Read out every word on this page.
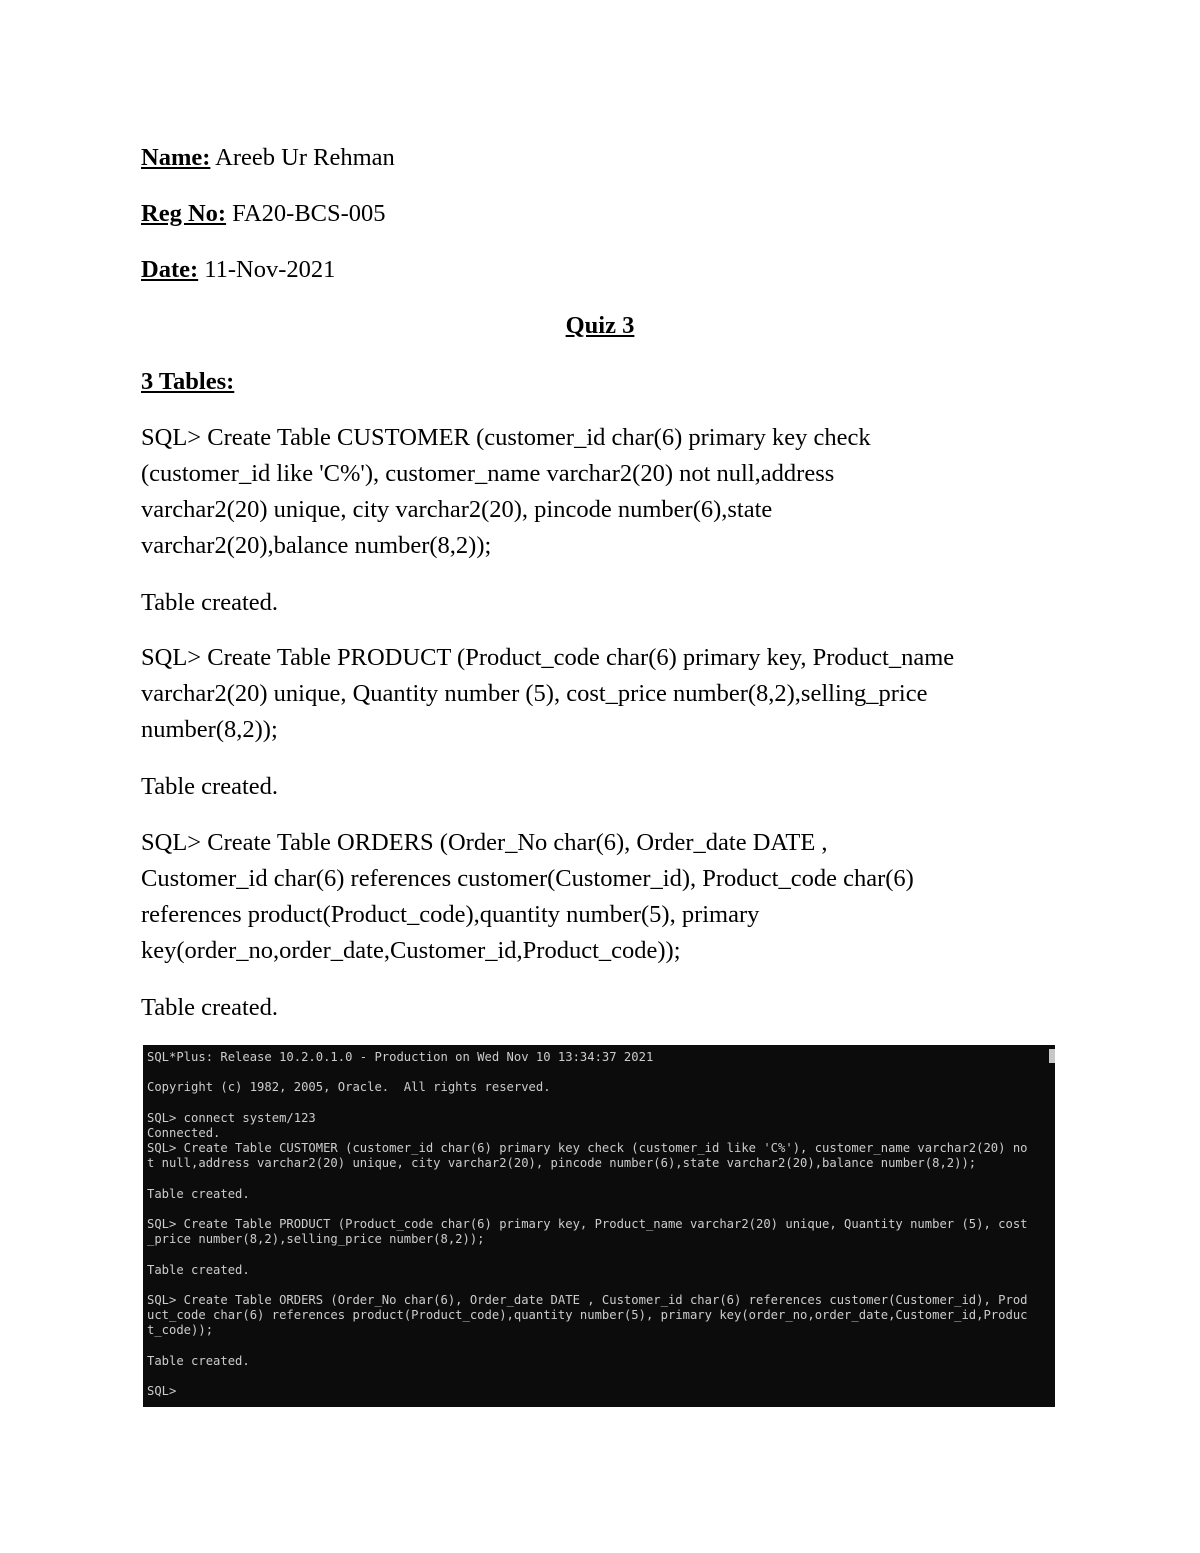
Name: Areeb Ur Rehman
Reg No: FA20-BCS-005
Date: 11-Nov-2021
Quiz 3
3 Tables:
SQL> Create Table CUSTOMER (customer_id char(6) primary key check
(customer_id like 'C%'), customer_name varchar2(20) not null,address
varchar2(20) unique, city varchar2(20), pincode number(6),state
varchar2(20),balance number(8,2));
Table created.
SQL> Create Table PRODUCT (Product_code char(6) primary key, Product_name
varchar2(20) unique, Quantity number (5), cost_price number(8,2),selling_price
number(8,2));
Table created.
SQL> Create Table ORDERS (Order_No char(6), Order_date DATE ,
Customer_id char(6) references customer(Customer_id), Product_code char(6)
references product(Product_code),quantity number(5), primary
key(order_no,order_date,Customer_id,Product_code));
Table created.
SQL*Plus: Release 10.2.0.1.0 - Production on Wed Nov 10 13:34:37 2021
Copyright (c) 1982, 2005, Oracle.  All rights reserved.
SQL> connect system/123
Connected.
SQL> Create Table CUSTOMER (customer_id char(6) primary key check (customer_id like 'C%'), customer_name varchar2(20) no
t null,address varchar2(20) unique, city varchar2(20), pincode number(6),state varchar2(20),balance number(8,2));
Table created.
SQL> Create Table PRODUCT (Product_code char(6) primary key, Product_name varchar2(20) unique, Quantity number (5), cost
_price number(8,2),selling_price number(8,2));
Table created.
SQL> Create Table ORDERS (Order_No char(6), Order_date DATE , Customer_id char(6) references customer(Customer_id), Prod
uct_code char(6) references product(Product_code),quantity number(5), primary key(order_no,order_date,Customer_id,Produc
t_code));
Table created.
SQL>
